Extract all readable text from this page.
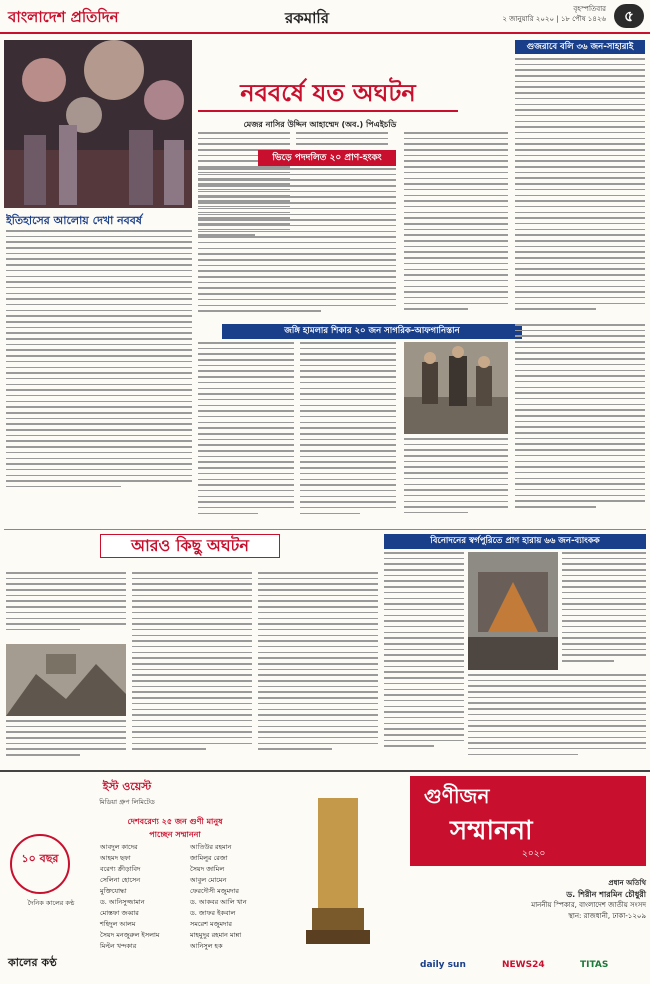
বাংলাদেশ প্রতিদিন	রকমারি	বৃহস্পতিবার
২ জানুয়ারি ২০২০ | ১৮ পৌষ ১৪২৬	৫
ইতিহাসের আলোয় দেখা নববর্ষ
নববর্ষে যত অঘটন
মেজর নাসির উদ্দিন আহাম্মেদ (অব.) পিএইচডি
ভিড়ে পদদলিত ২০ প্রাণ-হংকং
গুজরাবে বলি ৩৬ জন-সাহারাই
জঙ্গি হামলার শিকার ২০ জন সাগরিক-আফগানিস্তান
আরও কিছু অঘটন	বিনোদনের স্বর্গপুরিতে প্রাণ হারায় ৬৬ জন-ব্যাংকক
ইস্ট ওয়েস্ট
মিডিয়া গ্রুপ লিমিটেড
দেশবরেণ্য ২৫ জন গুণী মানুষ
পাচ্ছেন সম্মাননা
আবদুল কাদের
আহমদ ছফা
বরেণ্য ক্রীড়াবিদ
সেলিনা হোসেন
মুক্তিযোদ্ধা
ড. আনিসুজ্জামান
মোস্তফা জব্বার
শহিদুল আলম
সৈয়দ মনজুরুল ইসলাম
মিল্টন খন্দকার
আতিউর রহমান
জামিলুর রেজা
সৈয়দ জামিল
আবুল মোমেন
ফেরদৌসী মজুমদার
ড. আকবর আলি খান
ড. জাফর ইকবাল
সমরেশ মজুমদার
মাহমুদুর রহমান মান্না
আনিসুল হক
১০ বছর
দৈনিক কালের কণ্ঠ
কালের কণ্ঠ
গুণীজন
সম্মাননা
২০২০
প্রধান অতিথি
ড. শিরীন শারমিন চৌধুরী
মাননীয় স্পিকার, বাংলাদেশ জাতীয় সংসদ
স্থান: রাজধানী, ঢাকা-১২০৯
daily sun	NEWS24	TITAS
